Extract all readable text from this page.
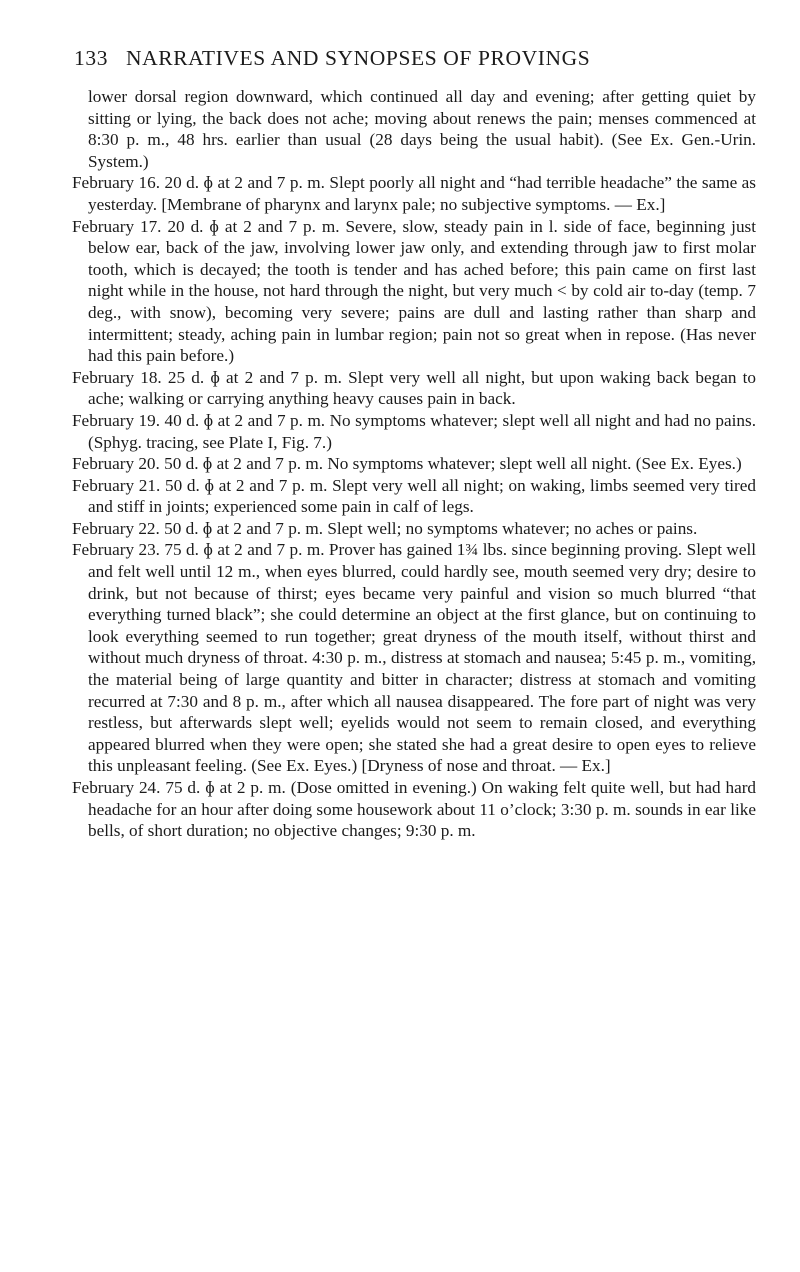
133 NARRATIVES AND SYNOPSES OF PROVINGS

lower dorsal region downward, which continued all day and evening; after getting quiet by sitting or lying, the back does not ache; moving about renews the pain; menses commenced at 8:30 p. m., 48 hrs. earlier than usual (28 days being the usual habit). (See Ex. Gen.-Urin. System.)

February 16. 20 d. ɸ at 2 and 7 p. m. Slept poorly all night and “had terrible headache” the same as yesterday. [Membrane of pharynx and larynx pale; no subjective symptoms. — Ex.]

February 17. 20 d. ɸ at 2 and 7 p. m. Severe, slow, steady pain in l. side of face, beginning just below ear, back of the jaw, involving lower jaw only, and extending through jaw to first molar tooth, which is decayed; the tooth is tender and has ached before; this pain came on first last night while in the house, not hard through the night, but very much < by cold air to-day (temp. 7 deg., with snow), becoming very severe; pains are dull and lasting rather than sharp and intermittent; steady, aching pain in lumbar region; pain not so great when in repose. (Has never had this pain before.)

February 18. 25 d. ɸ at 2 and 7 p. m. Slept very well all night, but upon waking back began to ache; walking or carrying anything heavy causes pain in back.

February 19. 40 d. ɸ at 2 and 7 p. m. No symptoms whatever; slept well all night and had no pains. (Sphyg. tracing, see Plate I, Fig. 7.)

February 20. 50 d. ɸ at 2 and 7 p. m. No symptoms whatever; slept well all night. (See Ex. Eyes.)

February 21. 50 d. ɸ at 2 and 7 p. m. Slept very well all night; on waking, limbs seemed very tired and stiff in joints; experienced some pain in calf of legs.

February 22. 50 d. ɸ at 2 and 7 p. m. Slept well; no symptoms whatever; no aches or pains.

February 23. 75 d. ɸ at 2 and 7 p. m. Prover has gained 1¾ lbs. since beginning proving. Slept well and felt well until 12 m., when eyes blurred, could hardly see, mouth seemed very dry; desire to drink, but not because of thirst; eyes became very painful and vision so much blurred “that everything turned black”; she could determine an object at the first glance, but on continuing to look everything seemed to run together; great dryness of the mouth itself, without thirst and without much dryness of throat. 4:30 p. m., distress at stomach and nausea; 5:45 p. m., vomiting, the material being of large quantity and bitter in character; distress at stomach and vomiting recurred at 7:30 and 8 p. m., after which all nausea disappeared. The fore part of night was very restless, but afterwards slept well; eyelids would not seem to remain closed, and everything appeared blurred when they were open; she stated she had a great desire to open eyes to relieve this unpleasant feeling. (See Ex. Eyes.) [Dryness of nose and throat. — Ex.]

February 24. 75 d. ɸ at 2 p. m. (Dose omitted in evening.) On waking felt quite well, but had hard headache for an hour after doing some housework about 11 o’clock; 3:30 p. m. sounds in ear like bells, of short duration; no objective changes; 9:30 p. m.
